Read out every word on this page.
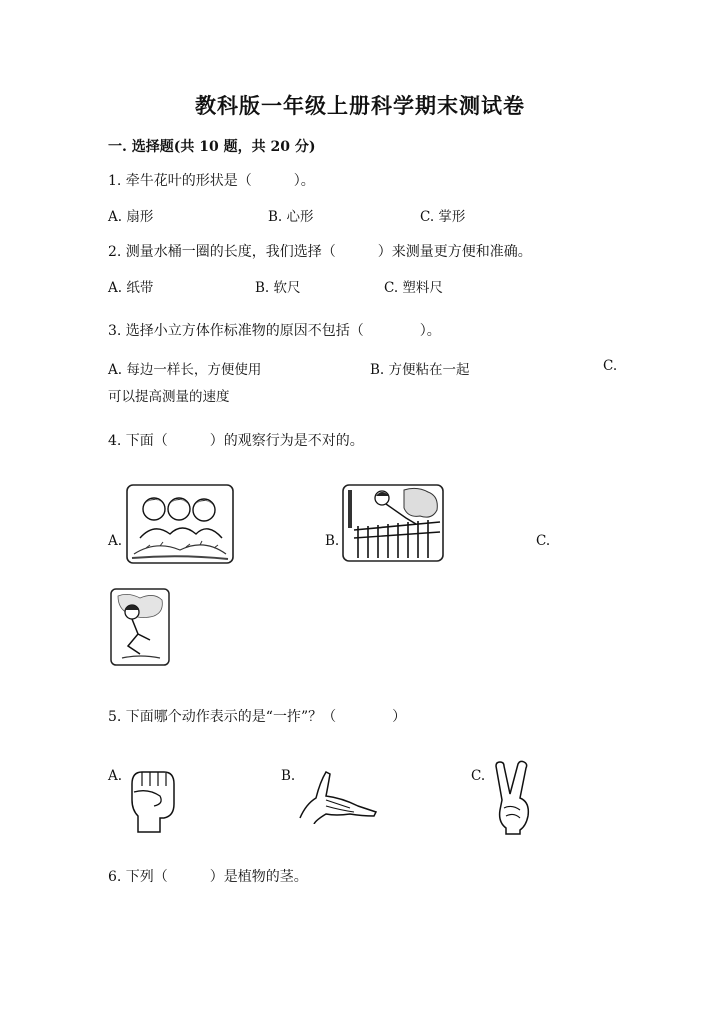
教科版一年级上册科学期末测试卷
一. 选择题(共 10 题，共 20 分)
1. 牵牛花叶的形状是（　　　）。
A. 扇形	B. 心形	C. 掌形
2. 测量水桶一圈的长度，我们选择（　　　）来测量更方便和准确。
A. 纸带	B. 软尺	C. 塑料尺
3. 选择小立方体作标准物的原因不包括（　　　　）。
A. 每边一样长，方便使用	B. 方便粘在一起	C.
可以提高测量的速度
4. 下面（　　　）的观察行为是不对的。
A.	B.	C.
5. 下面哪个动作表示的是“一拃”？（　　　　）
A.	B.	C.
6. 下列（　　　）是植物的茎。
